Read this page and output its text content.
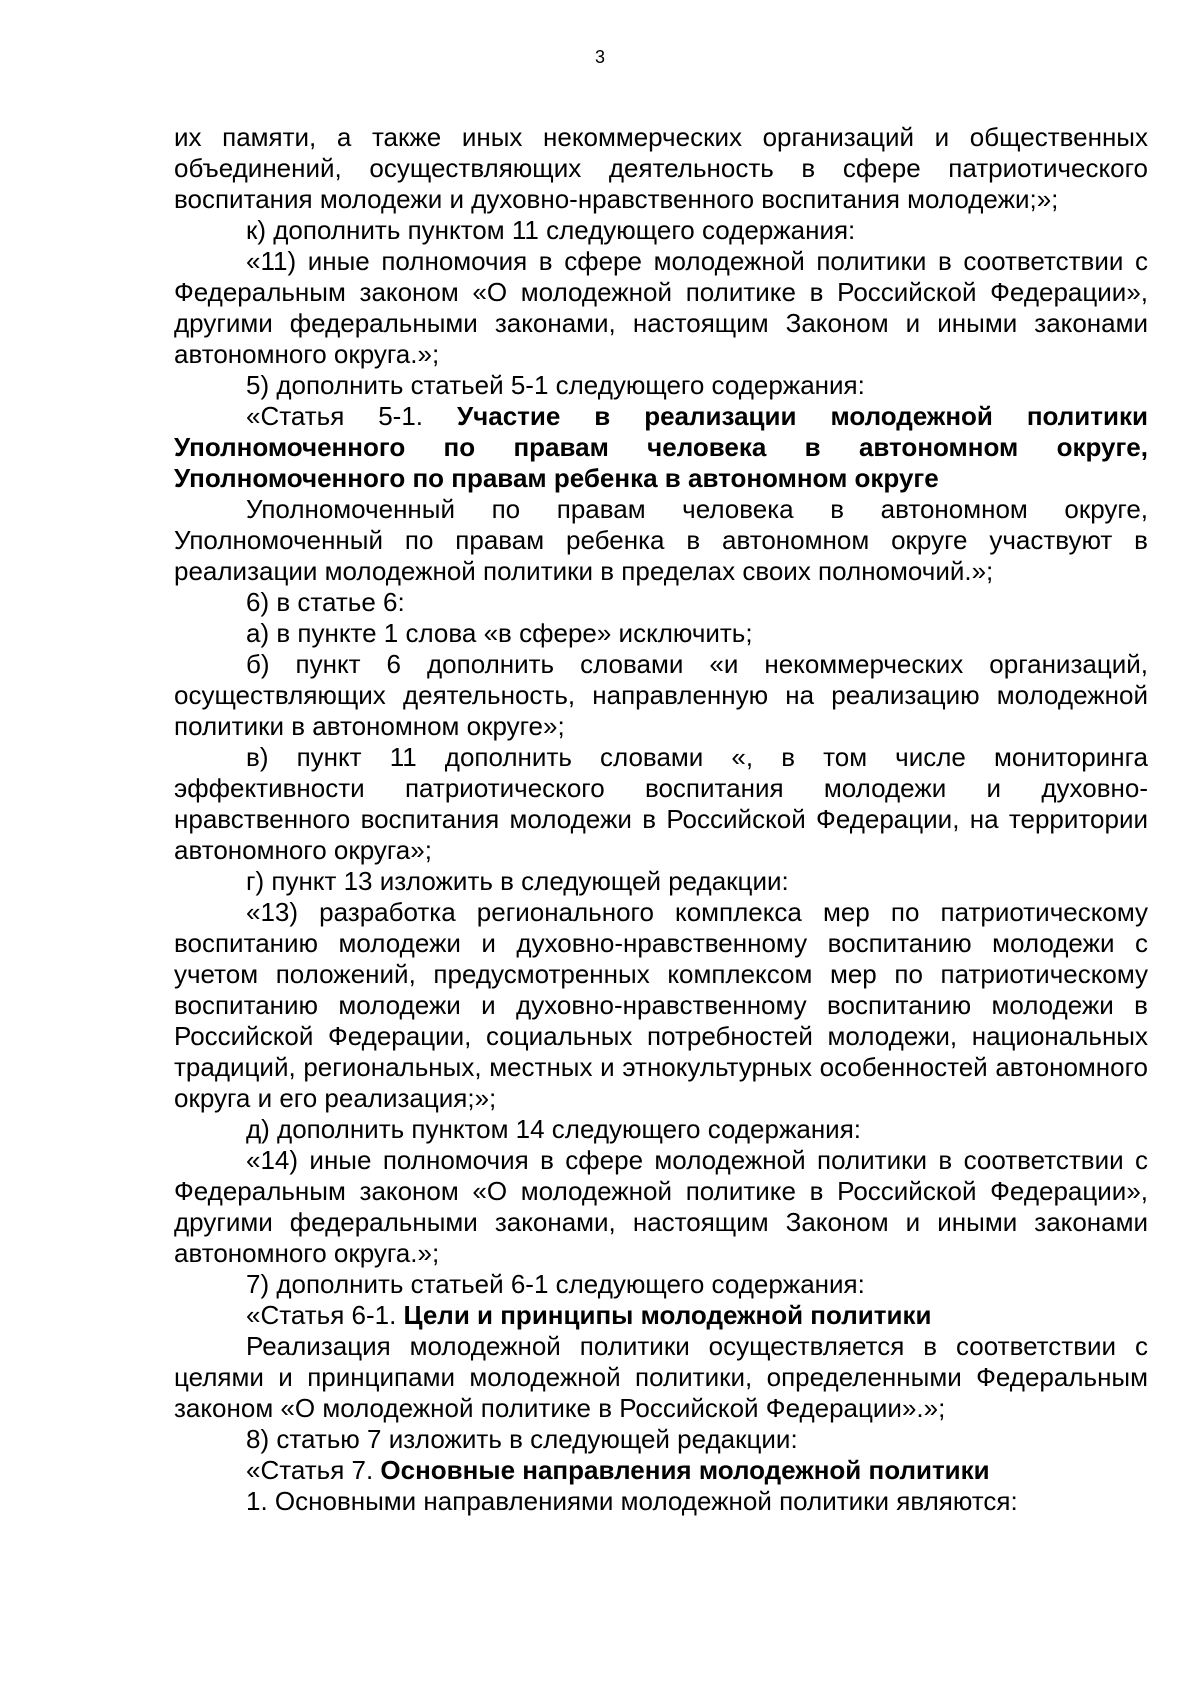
3

их памяти, а также иных некоммерческих организаций и общественных объединений, осуществляющих деятельность в сфере патриотического воспитания молодежи и духовно-нравственного воспитания молодежи;»;

к) дополнить пунктом 11 следующего содержания:

«11) иные полномочия в сфере молодежной политики в соответствии с Федеральным законом «О молодежной политике в Российской Федерации», другими федеральными законами, настоящим Законом и иными законами автономного округа.»;

5) дополнить статьей 5-1 следующего содержания:

«Статья 5-1. Участие в реализации молодежной политики Уполномоченного по правам человека в автономном округе, Уполномоченного по правам ребенка в автономном округе

Уполномоченный по правам человека в автономном округе, Уполномоченный по правам ребенка в автономном округе участвуют в реализации молодежной политики в пределах своих полномочий.»;

6) в статье 6:

а) в пункте 1 слова «в сфере» исключить;

б) пункт 6 дополнить словами «и некоммерческих организаций, осуществляющих деятельность, направленную на реализацию молодежной политики в автономном округе»;

в) пункт 11 дополнить словами «, в том числе мониторинга эффективности патриотического воспитания молодежи и духовно-нравственного воспитания молодежи в Российской Федерации, на территории автономного округа»;

г) пункт 13 изложить в следующей редакции:

«13) разработка регионального комплекса мер по патриотическому воспитанию молодежи и духовно-нравственному воспитанию молодежи с учетом положений, предусмотренных комплексом мер по патриотическому воспитанию молодежи и духовно-нравственному воспитанию молодежи в Российской Федерации, социальных потребностей молодежи, национальных традиций, региональных, местных и этнокультурных особенностей автономного округа и его реализация;»;

д) дополнить пунктом 14 следующего содержания:

«14) иные полномочия в сфере молодежной политики в соответствии с Федеральным законом «О молодежной политике в Российской Федерации», другими федеральными законами, настоящим Законом и иными законами автономного округа.»;

7) дополнить статьей 6-1 следующего содержания:

«Статья 6-1. Цели и принципы молодежной политики

Реализация молодежной политики осуществляется в соответствии с целями и принципами молодежной политики, определенными Федеральным законом «О молодежной политике в Российской Федерации».»;

8) статью 7 изложить в следующей редакции:

«Статья 7. Основные направления молодежной политики

1. Основными направлениями молодежной политики являются:
